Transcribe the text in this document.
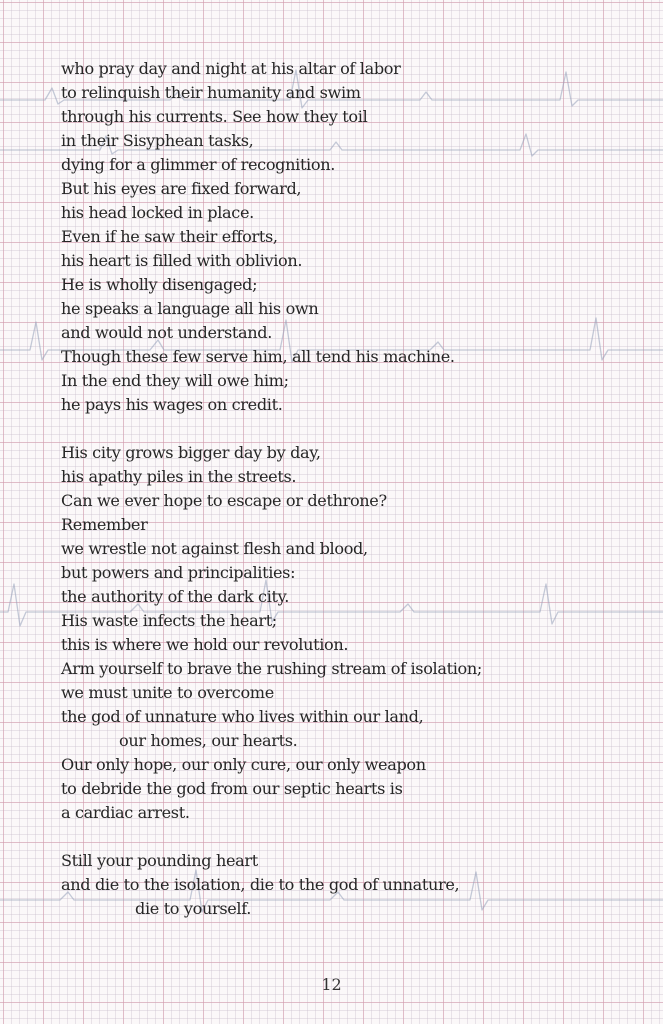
who pray day and night at his altar of labor
to relinquish their humanity and swim
through his currents. See how they toil
in their Sisyphean tasks,
dying for a glimmer of recognition.
But his eyes are fixed forward,
his head locked in place.
Even if he saw their efforts,
his heart is filled with oblivion.
He is wholly disengaged;
he speaks a language all his own
and would not understand.
Though these few serve him, all tend his machine.
In the end they will owe him;
he pays his wages on credit.
His city grows bigger day by day,
his apathy piles in the streets.
Can we ever hope to escape or dethrone?
Remember
we wrestle not against flesh and blood,
but powers and principalities:
the authority of the dark city.
His waste infects the heart;
this is where we hold our revolution.
Arm yourself to brave the rushing stream of isolation;
we must unite to overcome
the god of unnature who lives within our land,
our homes, our hearts.
Our only hope, our only cure, our only weapon
to debride the god from our septic hearts is
a cardiac arrest.
Still your pounding heart
and die to the isolation, die to the god of unnature,
die to yourself.
12
